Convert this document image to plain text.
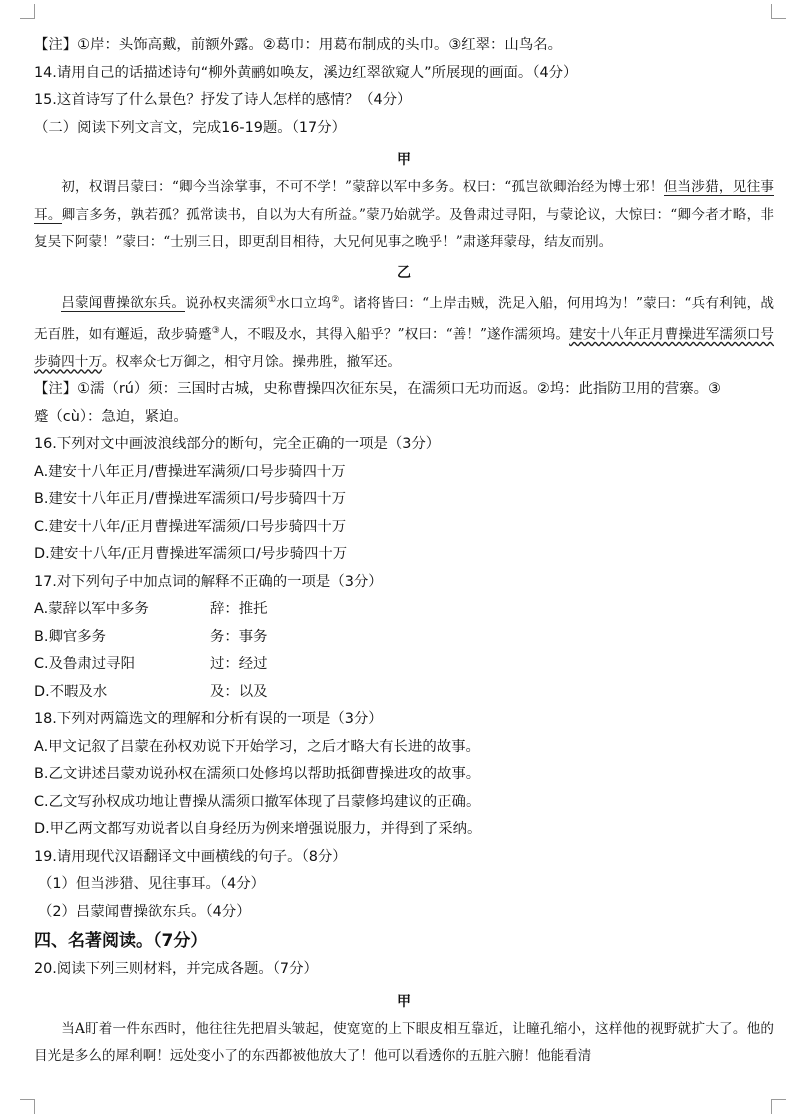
【注】①岸：头饰高戴，前额外露。②葛巾：用葛布制成的头巾。③红翠：山鸟名。
14.请用自己的话描述诗句“柳外黄鹂如唤友，溪边红翠欲窥人”所展现的画面。（4分）
15.这首诗写了什么景色？抒发了诗人怎样的感情？（4分）
（二）阅读下列文言文，完成16-19题。（17分）
甲

初，权谓吕蒙曰：“卿今当涂掌事，不可不学！”蒙辞以军中多务。权曰：“孤岂欲卿治经为博士邪！但当涉猎，见往事耳。卿言多务，孰若孤？孤常读书，自以为大有所益。”蒙乃始就学。及鲁肃过寻阳，与蒙论议，大惊曰：“卿今者才略，非复吴下阿蒙！”蒙曰：“士别三日，即更刮目相待，大兄何见事之晚乎！”肃遂拜蒙母，结友而别。

乙

吕蒙闻曹操欲东兵。说孙权夹濡须①水口立坞②。诸将皆曰：“上岸击贼，洗足入船，何用坞为！”蒙曰：“兵有利钝，战无百胜，如有邂逅，敌步骑蹙③人，不暇及水，其得入船乎？”权曰：“善！”遂作濡须坞。建安十八年正月曹操进军濡须口号步骑四十万。权率众七万御之，相守月馀。操弗胜，撤军还。

【注】①濡（rú）须：三国时古城，史称曹操四次征东吴，在濡须口无功而返。②坞：此指防卫用的营寨。③
蹙（cù）：急迫，紧迫。
16.下列对文中画波浪线部分的断句，完全正确的一项是（3分）
A.建安十八年正月/曹操进军满须/口号步骑四十万
B.建安十八年正月/曹操进军濡须口/号步骑四十万
C.建安十八年/正月曹操进军濡须/口号步骑四十万
D.建安十八年/正月曹操进军濡须口/号步骑四十万
17.对下列句子中加点词的解释不正确的一项是（3分）
A.蒙辞以军中多务	辞：推托
B.卿官多务	务：事务
C.及鲁肃过寻阳	过：经过
D.不暇及水	及：以及
18.下列对两篇选文的理解和分析有误的一项是（3分）
A.甲文记叙了吕蒙在孙权劝说下开始学习，之后才略大有长进的故事。
B.乙文讲述吕蒙劝说孙权在濡须口处修坞以帮助抵御曹操进攻的故事。
C.乙文写孙权成功地让曹操从濡须口撤军体现了吕蒙修坞建议的正确。
D.甲乙两文都写劝说者以自身经历为例来增强说服力，并得到了采纳。
19.请用现代汉语翻译文中画横线的句子。（8分）
（1）但当涉猎、见往事耳。（4分）
（2）吕蒙闻曹操欲东兵。（4分）
四、名著阅读。（7分）
20.阅读下列三则材料，并完成各题。（7分）
甲

当A盯着一件东西时，他往往先把眉头皱起，使宽宽的上下眼皮相互靠近，让瞳孔缩小，这样他的视野就扩大了。他的目光是多么的犀利啊！远处变小了的东西都被他放大了！他可以看透你的五脏六腑！他能看清
